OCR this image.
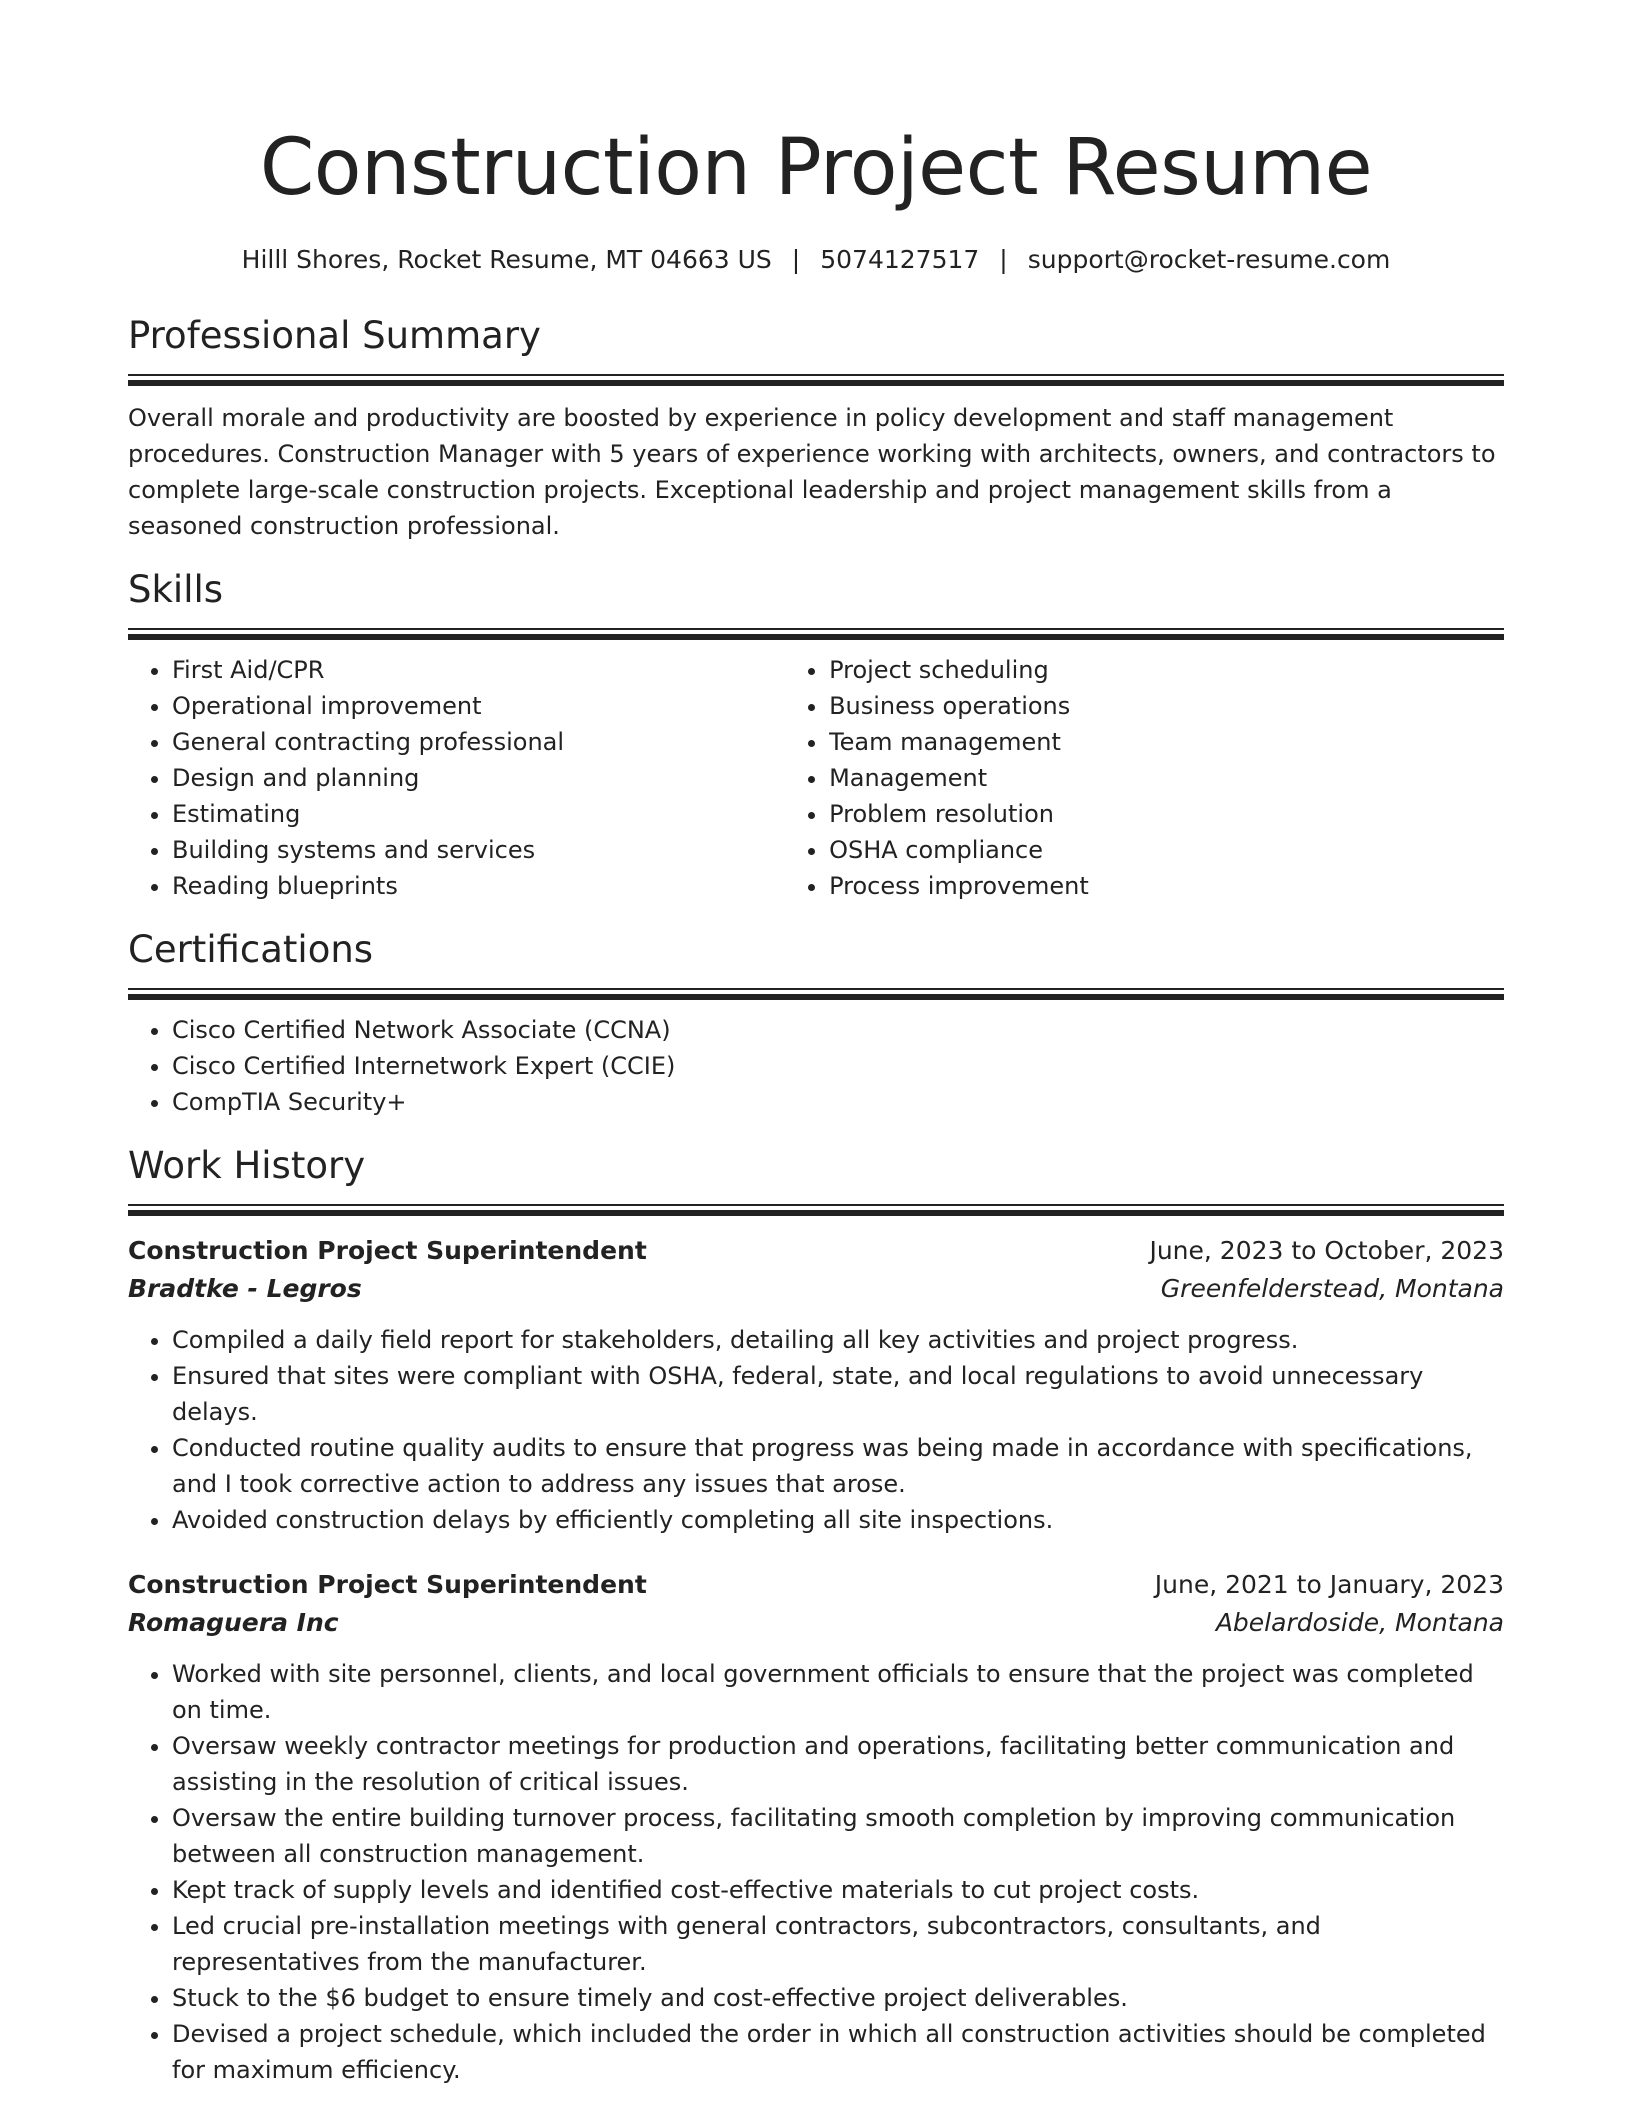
Construction Project Resume
Hilll Shores, Rocket Resume, MT 04663 US | 5074127517 | support@rocket-resume.com
Professional Summary

Overall morale and productivity are boosted by experience in policy development and staff management procedures. Construction Manager with 5 years of experience working with architects, owners, and contractors to complete large-scale construction projects. Exceptional leadership and project management skills from a seasoned construction professional.

Skills
• First Aid/CPR
• Operational improvement
• General contracting professional
• Design and planning
• Estimating
• Building systems and services
• Reading blueprints
• Project scheduling
• Business operations
• Team management
• Management
• Problem resolution
• OSHA compliance
• Process improvement
Certifications
• Cisco Certified Network Associate (CCNA)
• Cisco Certified Internetwork Expert (CCIE)
• CompTIA Security+
Work History
Construction Project Superintendent	June, 2023 to October, 2023
Bradtke - Legros	Greenfelderstead, Montana
• Compiled a daily field report for stakeholders, detailing all key activities and project progress.
• Ensured that sites were compliant with OSHA, federal, state, and local regulations to avoid unnecessary delays.
• Conducted routine quality audits to ensure that progress was being made in accordance with specifications, and I took corrective action to address any issues that arose.
• Avoided construction delays by efficiently completing all site inspections.
Construction Project Superintendent	June, 2021 to January, 2023
Romaguera Inc	Abelardoside, Montana
• Worked with site personnel, clients, and local government officials to ensure that the project was completed on time.
• Oversaw weekly contractor meetings for production and operations, facilitating better communication and assisting in the resolution of critical issues.
• Oversaw the entire building turnover process, facilitating smooth completion by improving communication between all construction management.
• Kept track of supply levels and identified cost-effective materials to cut project costs.
• Led crucial pre-installation meetings with general contractors, subcontractors, consultants, and representatives from the manufacturer.
• Stuck to the $6 budget to ensure timely and cost-effective project deliverables.
• Devised a project schedule, which included the order in which all construction activities should be completed for maximum efficiency.
